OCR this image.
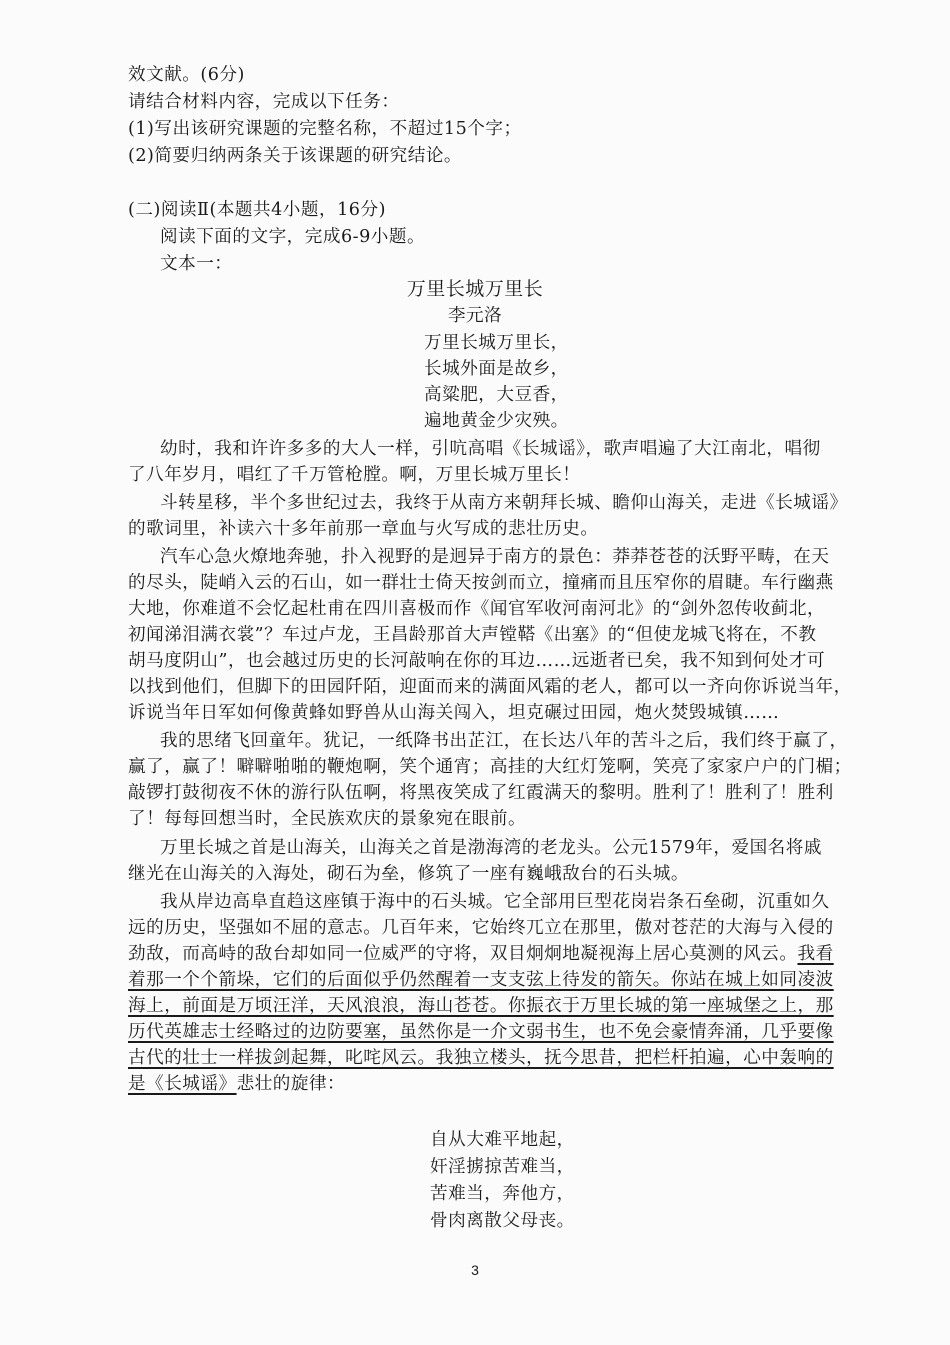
效文献。(6分)
请结合材料内容，完成以下任务：
(1)写出该研究课题的完整名称，不超过15个字；
(2)简要归纳两条关于该课题的研究结论。
(二)阅读Ⅱ(本题共4小题，16分)
阅读下面的文字，完成6-9小题。
文本一：
万里长城万里长
李元洛
万里长城万里长，
长城外面是故乡，
高粱肥，大豆香，
遍地黄金少灾殃。
幼时，我和许许多多的大人一样，引吭高唱《长城谣》，歌声唱遍了大江南北，唱彻
了八年岁月，唱红了千万管枪膛。啊，万里长城万里长！
斗转星移，半个多世纪过去，我终于从南方来朝拜长城、瞻仰山海关，走进《长城谣》
的歌词里，补读六十多年前那一章血与火写成的悲壮历史。
汽车心急火燎地奔驰，扑入视野的是迥异于南方的景色：莽莽苍苍的沃野平畴，在天
的尽头，陡峭入云的石山，如一群壮士倚天按剑而立，撞痛而且压窄你的眉睫。车行幽燕
大地，你难道不会忆起杜甫在四川喜极而作《闻官军收河南河北》的“剑外忽传收蓟北，
初闻涕泪满衣裳”？车过卢龙，王昌龄那首大声镗鞳《出塞》的“但使龙城飞将在，不教
胡马度阴山”，也会越过历史的长河敲响在你的耳边……远逝者已矣，我不知到何处才可
以找到他们，但脚下的田园阡陌，迎面而来的满面风霜的老人，都可以一齐向你诉说当年，
诉说当年日军如何像黄蜂如野兽从山海关闯入，坦克碾过田园，炮火焚毁城镇……
我的思绪飞回童年。犹记，一纸降书出芷江，在长达八年的苦斗之后，我们终于赢了，
赢了，赢了！噼噼啪啪的鞭炮啊，笑个通宵；高挂的大红灯笼啊，笑亮了家家户户的门楣；
敲锣打鼓彻夜不休的游行队伍啊，将黑夜笑成了红霞满天的黎明。胜利了！胜利了！胜利
了！每每回想当时，全民族欢庆的景象宛在眼前。
万里长城之首是山海关，山海关之首是渤海湾的老龙头。公元1579年，爱国名将戚
继光在山海关的入海处，砌石为垒，修筑了一座有巍峨敌台的石头城。
我从岸边高阜直趋这座镇于海中的石头城。它全部用巨型花岗岩条石垒砌，沉重如久
远的历史，坚强如不屈的意志。几百年来，它始终兀立在那里，傲对苍茫的大海与入侵的
劲敌，而高峙的敌台却如同一位威严的守将，双目炯炯地凝视海上居心莫测的风云。我看
着那一个个箭垛，它们的后面似乎仍然醒着一支支弦上待发的箭矢。你站在城上如同凌波
海上，前面是万顷汪洋，天风浪浪，海山苍苍。你振衣于万里长城的第一座城堡之上，那
历代英雄志士经略过的边防要塞，虽然你是一介文弱书生，也不免会豪情奔涌，几乎要像
古代的壮士一样拔剑起舞，叱咤风云。我独立楼头，抚今思昔，把栏杆拍遍，心中轰响的
是《长城谣》悲壮的旋律：
自从大难平地起，
奸淫掳掠苦难当，
苦难当，奔他方，
骨肉离散父母丧。
3
